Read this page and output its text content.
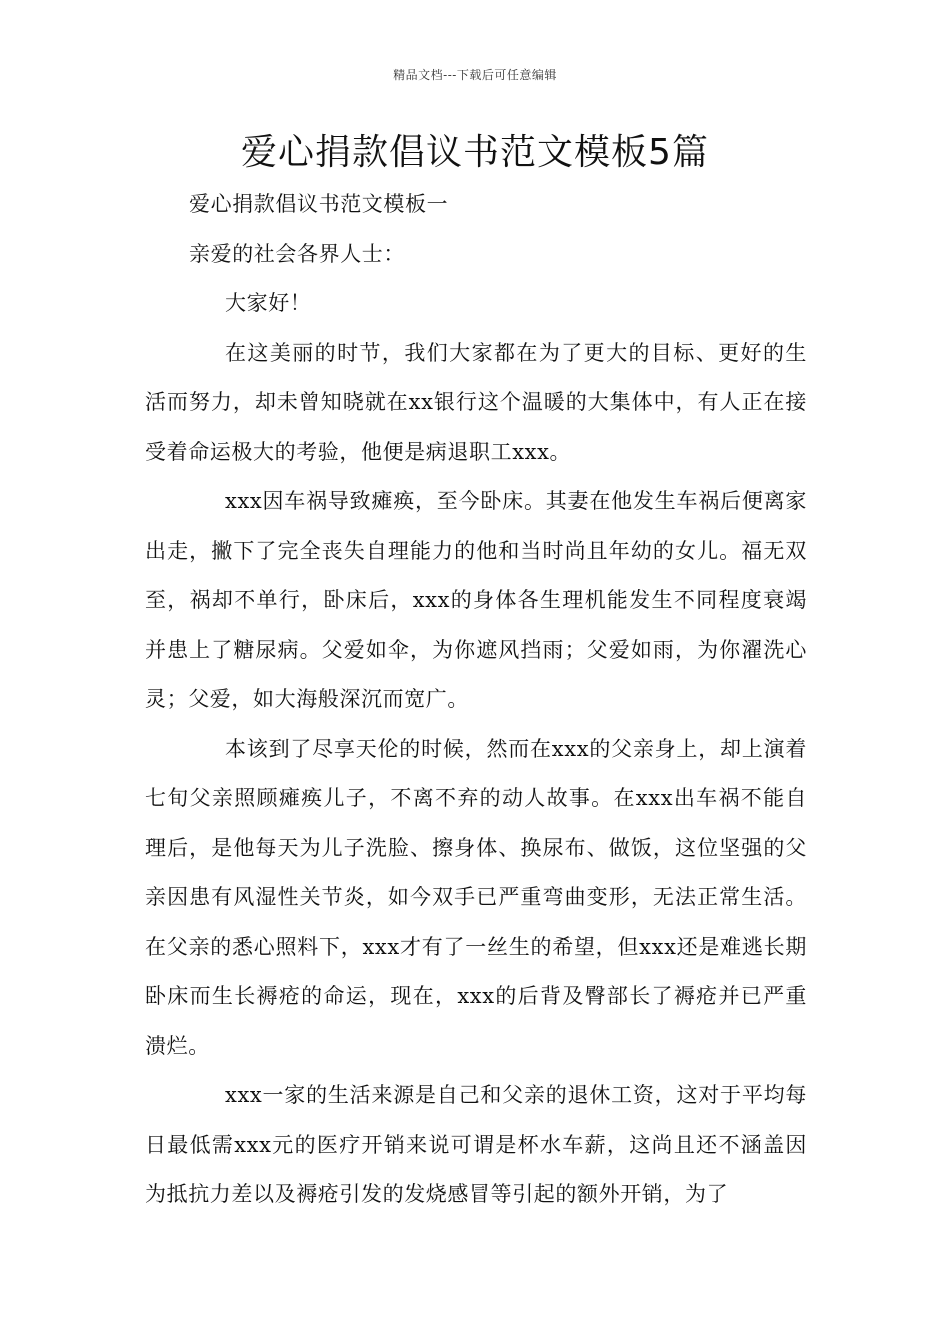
精品文档---下载后可任意编辑
爱心捐款倡议书范文模板5篇

爱心捐款倡议书范文模板一

亲爱的社会各界人士：

大家好！

在这美丽的时节，我们大家都在为了更大的目标、更好的生活而努力，却未曾知晓就在xx银行这个温暖的大集体中，有人正在接受着命运极大的考验，他便是病退职工xxx。

xxx因车祸导致瘫痪，至今卧床。其妻在他发生车祸后便离家出走，撇下了完全丧失自理能力的他和当时尚且年幼的女儿。福无双至，祸却不单行，卧床后，xxx的身体各生理机能发生不同程度衰竭并患上了糖尿病。父爱如伞，为你遮风挡雨；父爱如雨，为你濯洗心灵；父爱，如大海般深沉而宽广。

本该到了尽享天伦的时候，然而在xxx的父亲身上，却上演着七旬父亲照顾瘫痪儿子，不离不弃的动人故事。在xxx出车祸不能自理后，是他每天为儿子洗脸、擦身体、换尿布、做饭，这位坚强的父亲因患有风湿性关节炎，如今双手已严重弯曲变形，无法正常生活。在父亲的悉心照料下，xxx才有了一丝生的希望，但xxx还是难逃长期卧床而生长褥疮的命运，现在，xxx的后背及臀部长了褥疮并已严重溃烂。

xxx一家的生活来源是自己和父亲的退休工资，这对于平均每日最低需xxx元的医疗开销来说可谓是杯水车薪，这尚且还不涵盖因为抵抗力差以及褥疮引发的发烧感冒等引起的额外开销，为了
